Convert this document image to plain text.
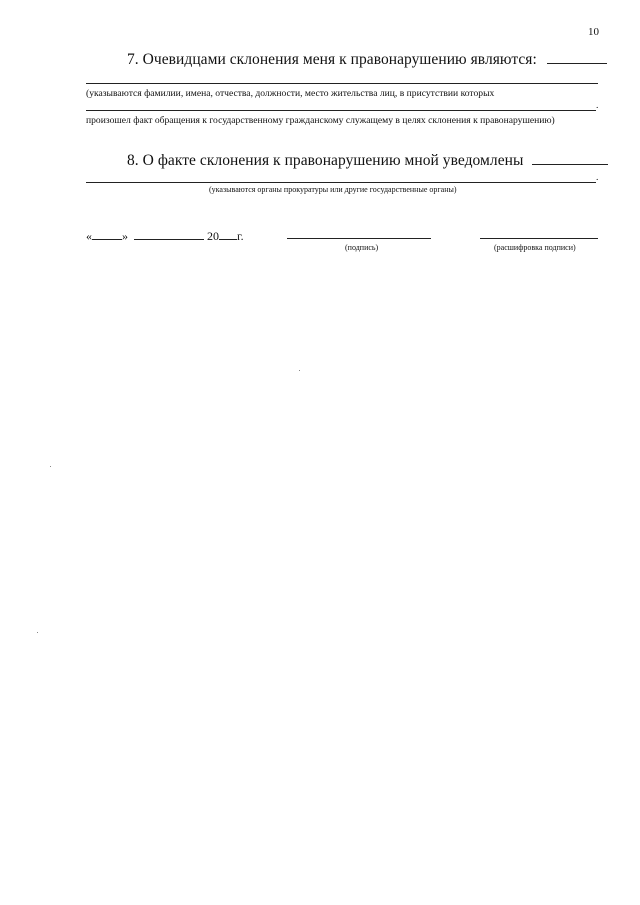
10
7. Очевидцами склонения меня к правонарушению являются:
(указываются фамилии, имена, отчества, должности, место жительства лиц, в присутствии которых
.
произошел факт обращения к государственному гражданскому служащему в целях склонения к правонарушению)
8. О факте склонения к правонарушению мной уведомлены
.
(указываются органы прокуратуры или другие государственные органы)
«	»	20 г.
(подпись)	(расшифровка подписи)
